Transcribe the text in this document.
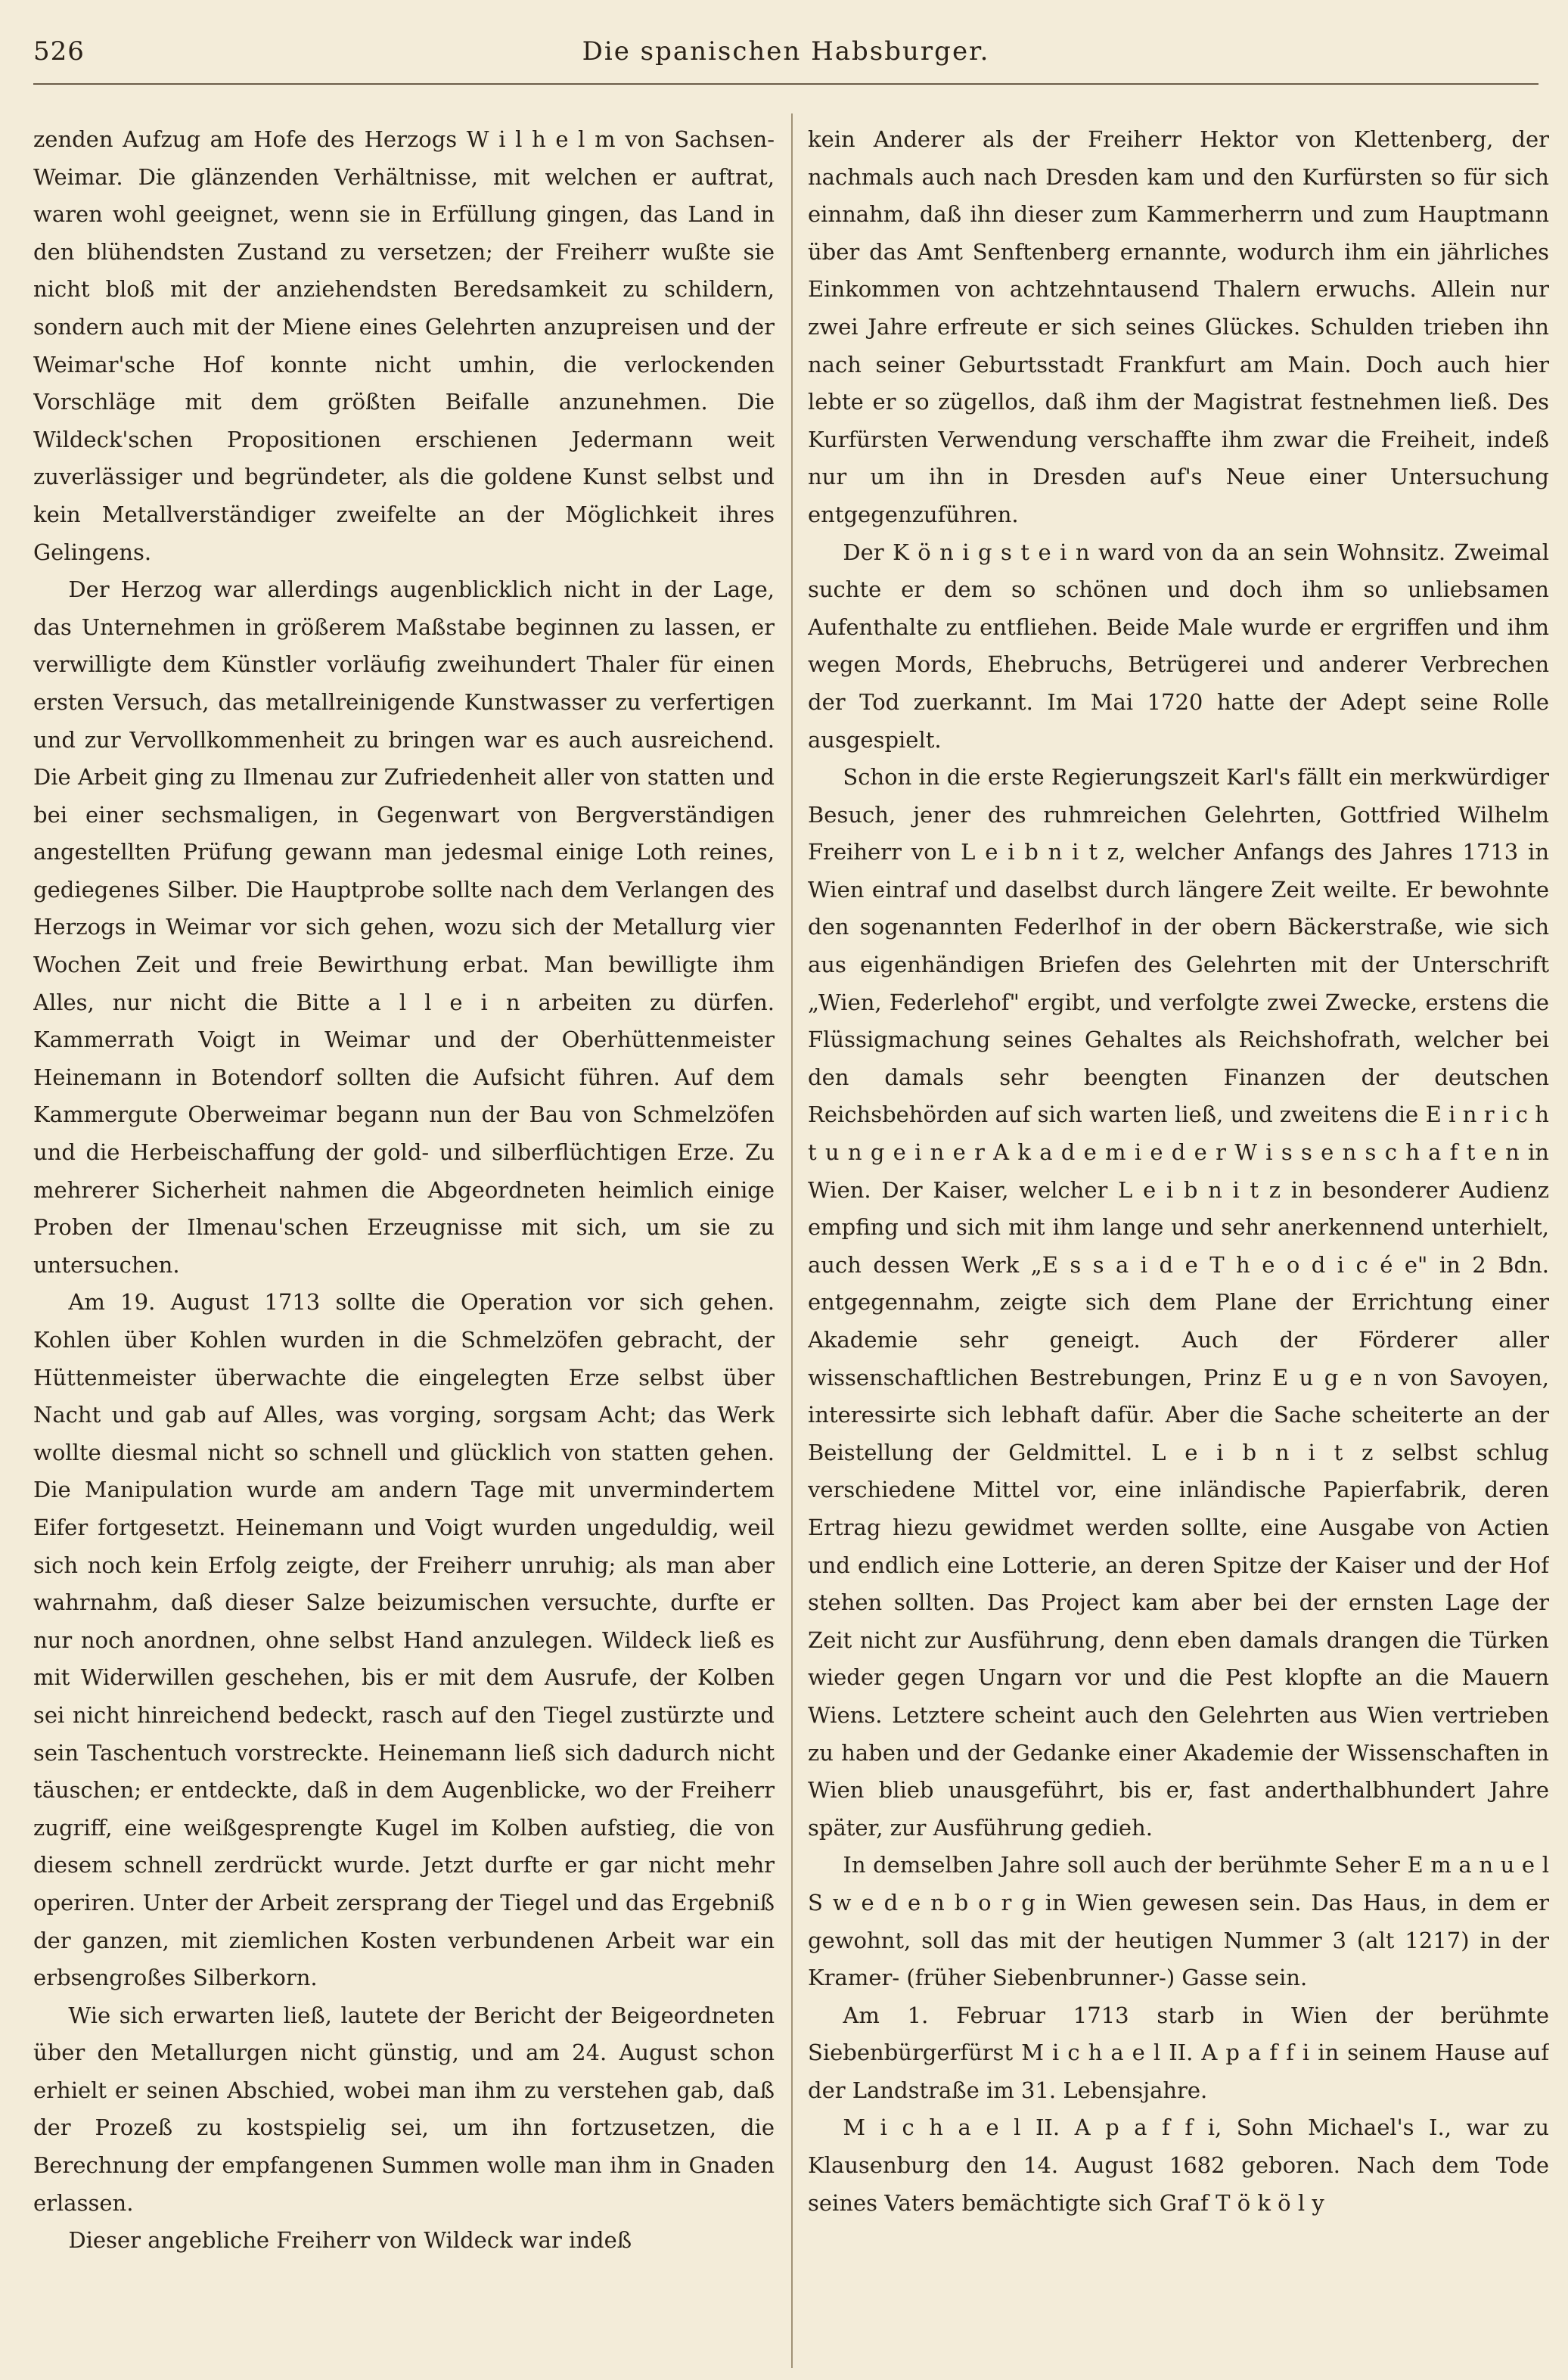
526	Die spanischen Habsburger.

zenden Aufzug am Hofe des Herzogs W i l h e l m von Sachsen-Weimar. Die glänzenden Verhältnisse, mit welchen er auftrat, waren wohl geeignet, wenn sie in Erfüllung gingen, das Land in den blühendsten Zustand zu versetzen; der Freiherr wußte sie nicht bloß mit der anziehendsten Beredsamkeit zu schildern, sondern auch mit der Miene eines Gelehrten anzupreisen und der Weimar'sche Hof konnte nicht umhin, die verlockenden Vorschläge mit dem größten Beifalle anzunehmen. Die Wildeck'schen Propositionen erschienen Jedermann weit zuverlässiger und begründeter, als die goldene Kunst selbst und kein Metallverständiger zweifelte an der Möglichkeit ihres Gelingens.

Der Herzog war allerdings augenblicklich nicht in der Lage, das Unternehmen in größerem Maßstabe beginnen zu lassen, er verwilligte dem Künstler vorläufig zweihundert Thaler für einen ersten Versuch, das metallreinigende Kunstwasser zu verfertigen und zur Vervollkommenheit zu bringen war es auch ausreichend. Die Arbeit ging zu Ilmenau zur Zufriedenheit aller von statten und bei einer sechsmaligen, in Gegenwart von Bergverständigen angestellten Prüfung gewann man jedesmal einige Loth reines, gediegenes Silber. Die Hauptprobe sollte nach dem Verlangen des Herzogs in Weimar vor sich gehen, wozu sich der Metallurg vier Wochen Zeit und freie Bewirthung erbat. Man bewilligte ihm Alles, nur nicht die Bitte a l l e i n arbeiten zu dürfen. Kammerrath Voigt in Weimar und der Oberhüttenmeister Heinemann in Botendorf sollten die Aufsicht führen. Auf dem Kammergute Oberweimar begann nun der Bau von Schmelzöfen und die Herbeischaffung der gold- und silberflüchtigen Erze. Zu mehrerer Sicherheit nahmen die Abgeordneten heimlich einige Proben der Ilmenau'schen Erzeugnisse mit sich, um sie zu untersuchen.

Am 19. August 1713 sollte die Operation vor sich gehen. Kohlen über Kohlen wurden in die Schmelzöfen gebracht, der Hüttenmeister überwachte die eingelegten Erze selbst über Nacht und gab auf Alles, was vorging, sorgsam Acht; das Werk wollte diesmal nicht so schnell und glücklich von statten gehen. Die Manipulation wurde am andern Tage mit unvermindertem Eifer fortgesetzt. Heinemann und Voigt wurden ungeduldig, weil sich noch kein Erfolg zeigte, der Freiherr unruhig; als man aber wahrnahm, daß dieser Salze beizumischen versuchte, durfte er nur noch anordnen, ohne selbst Hand anzulegen. Wildeck ließ es mit Widerwillen geschehen, bis er mit dem Ausrufe, der Kolben sei nicht hinreichend bedeckt, rasch auf den Tiegel zustürzte und sein Taschentuch vorstreckte. Heinemann ließ sich dadurch nicht täuschen; er entdeckte, daß in dem Augenblicke, wo der Freiherr zugriff, eine weißgesprengte Kugel im Kolben aufstieg, die von diesem schnell zerdrückt wurde. Jetzt durfte er gar nicht mehr operiren. Unter der Arbeit zersprang der Tiegel und das Ergebniß der ganzen, mit ziemlichen Kosten verbundenen Arbeit war ein erbsengroßes Silberkorn.

Wie sich erwarten ließ, lautete der Bericht der Beigeordneten über den Metallurgen nicht günstig, und am 24. August schon erhielt er seinen Abschied, wobei man ihm zu verstehen gab, daß der Prozeß zu kostspielig sei, um ihn fortzusetzen, die Berechnung der empfangenen Summen wolle man ihm in Gnaden erlassen.

Dieser angebliche Freiherr von Wildeck war indeß

kein Anderer als der Freiherr Hektor von Klettenberg, der nachmals auch nach Dresden kam und den Kurfürsten so für sich einnahm, daß ihn dieser zum Kammerherrn und zum Hauptmann über das Amt Senftenberg ernannte, wodurch ihm ein jährliches Einkommen von achtzehntausend Thalern erwuchs. Allein nur zwei Jahre erfreute er sich seines Glückes. Schulden trieben ihn nach seiner Geburtsstadt Frankfurt am Main. Doch auch hier lebte er so zügellos, daß ihm der Magistrat festnehmen ließ. Des Kurfürsten Verwendung verschaffte ihm zwar die Freiheit, indeß nur um ihn in Dresden auf's Neue einer Untersuchung entgegenzuführen.

Der K ö n i g s t e i n ward von da an sein Wohnsitz. Zweimal suchte er dem so schönen und doch ihm so unliebsamen Aufenthalte zu entfliehen. Beide Male wurde er ergriffen und ihm wegen Mords, Ehebruchs, Betrügerei und anderer Verbrechen der Tod zuerkannt. Im Mai 1720 hatte der Adept seine Rolle ausgespielt.

Schon in die erste Regierungszeit Karl's fällt ein merkwürdiger Besuch, jener des ruhmreichen Gelehrten, Gottfried Wilhelm Freiherr von L e i b n i t z, welcher Anfangs des Jahres 1713 in Wien eintraf und daselbst durch längere Zeit weilte. Er bewohnte den sogenannten Federlhof in der obern Bäckerstraße, wie sich aus eigenhändigen Briefen des Gelehrten mit der Unterschrift „Wien, Federlehof" ergibt, und verfolgte zwei Zwecke, erstens die Flüssigmachung seines Gehaltes als Reichshofrath, welcher bei den damals sehr beengten Finanzen der deutschen Reichsbehörden auf sich warten ließ, und zweitens die E i n r i c h t u n g e i n e r A k a d e m i e d e r W i s s e n s c h a f t e n in Wien. Der Kaiser, welcher L e i b n i t z in besonderer Audienz empfing und sich mit ihm lange und sehr anerkennend unterhielt, auch dessen Werk „E s s a i d e T h e o d i c é e" in 2 Bdn. entgegennahm, zeigte sich dem Plane der Errichtung einer Akademie sehr geneigt. Auch der Förderer aller wissenschaftlichen Bestrebungen, Prinz E u g e n von Savoyen, interessirte sich lebhaft dafür. Aber die Sache scheiterte an der Beistellung der Geldmittel. L e i b n i t z selbst schlug verschiedene Mittel vor, eine inländische Papierfabrik, deren Ertrag hiezu gewidmet werden sollte, eine Ausgabe von Actien und endlich eine Lotterie, an deren Spitze der Kaiser und der Hof stehen sollten. Das Project kam aber bei der ernsten Lage der Zeit nicht zur Ausführung, denn eben damals drangen die Türken wieder gegen Ungarn vor und die Pest klopfte an die Mauern Wiens. Letztere scheint auch den Gelehrten aus Wien vertrieben zu haben und der Gedanke einer Akademie der Wissenschaften in Wien blieb unausgeführt, bis er, fast anderthalbhundert Jahre später, zur Ausführung gedieh.

In demselben Jahre soll auch der berühmte Seher E m a n u e l S w e d e n b o r g in Wien gewesen sein. Das Haus, in dem er gewohnt, soll das mit der heutigen Nummer 3 (alt 1217) in der Kramer- (früher Siebenbrunner-) Gasse sein.

Am 1. Februar 1713 starb in Wien der berühmte Siebenbürgerfürst M i c h a e l II. A p a f f i in seinem Hause auf der Landstraße im 31. Lebensjahre.

M i c h a e l II. A p a f f i, Sohn Michael's I., war zu Klausenburg den 14. August 1682 geboren. Nach dem Tode seines Vaters bemächtigte sich Graf T ö k ö l y
